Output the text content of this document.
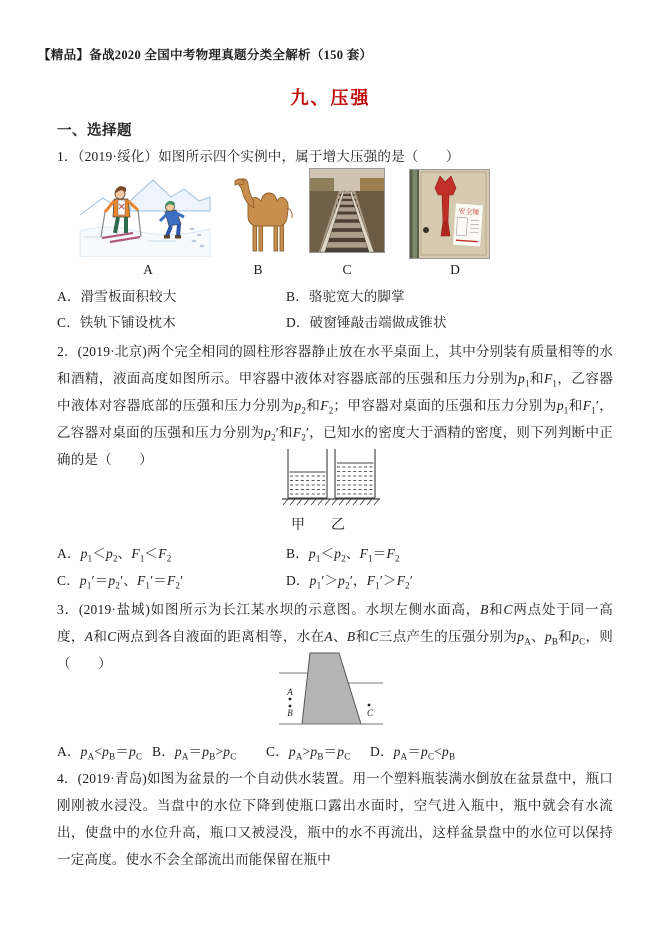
【精品】备战2020 全国中考物理真题分类全解析（150 套）
九、压强
一、选择题
1．（2019·绥化）如图所示四个实例中，属于增大压强的是（　　）
安全锤
A	B	C	D
A．滑雪板面积较大	B．骆驼宽大的脚掌
C．铁轨下铺设枕木	D．破窗锤敲击端做成锥状
2．(2019·北京)两个完全相同的圆柱形容器静止放在水平桌面上，其中分别装有质量相等的水和酒精，液面高度如图所示。甲容器中液体对容器底部的压强和压力分别为$p_1$和$F_1$，乙容器中液体对容器底部的压强和压力分别为$p_2$和$F_2$；甲容器对桌面的压强和压力分别为$p_1$和$F_1'$，乙容器对桌面的压强和压力分别为$p_2'$和$F_2'$，已知水的密度大于酒精的密度，则下列判断中正确的是（　　）
甲 乙
A．$p_1<p_2$、$F_1<F_2$	B．$p_1<p_2$、$F_1=F_2$
C．$p_1'=p_2'$、$F_1'=F_2'$	D．$p_1'>p_2'$，$F_1'>F_2'$
3．(2019·盐城)如图所示为长江某水坝的示意图。水坝左侧水面高，B和C两点处于同一高度，A和C两点到各自液面的距离相等，水在A、B和C三点产生的压强分别为$p_A$、$p_B$和$p_C$，则（　　）
A
B	C
A．$p_A<p_B=p_C$ B．$p_A=p_B>p_C$ C．$p_A>p_B=p_C$ D．$p_A=p_C<p_B$
4．(2019·青岛)如图为盆景的一个自动供水装置。用一个塑料瓶装满水倒放在盆景盘中，瓶口刚刚被水浸没。当盘中的水位下降到使瓶口露出水面时，空气进入瓶中，瓶中就会有水流出，使盘中的水位升高，瓶口又被浸没，瓶中的水不再流出，这样盆景盘中的水位可以保持一定高度。使水不会全部流出而能保留在瓶中
